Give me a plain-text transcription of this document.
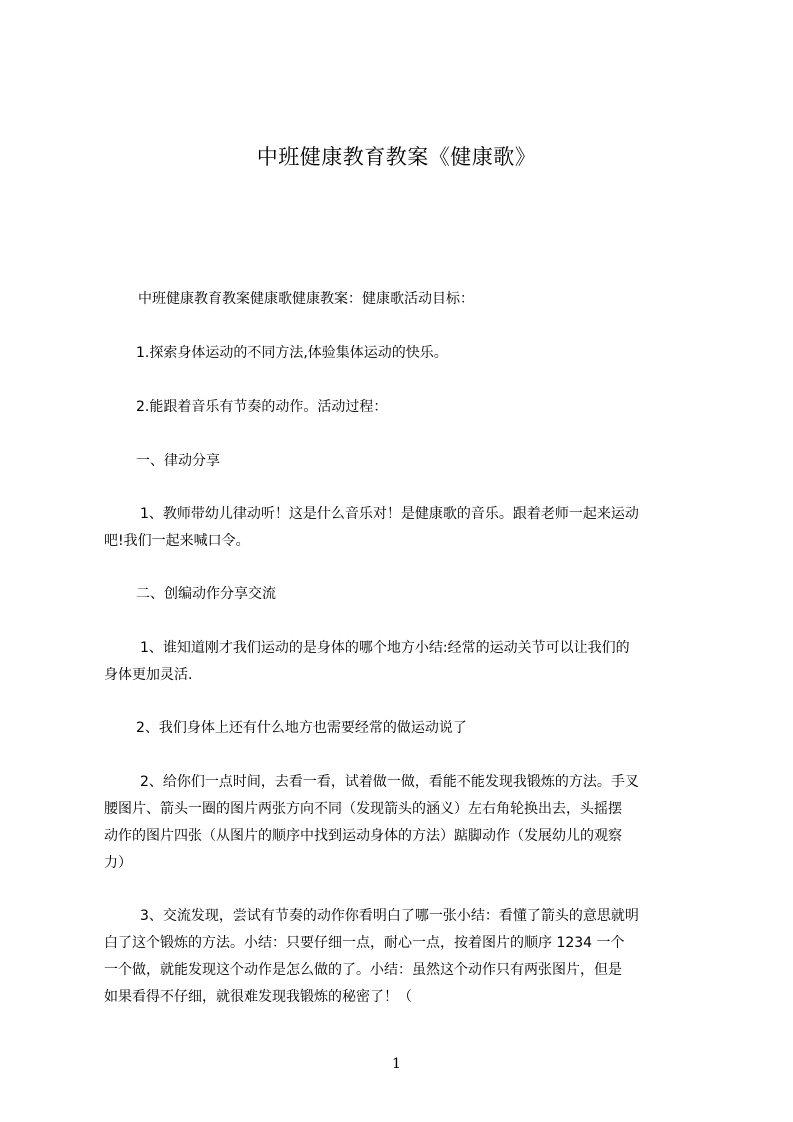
中班健康教育教案《健康歌》

中班健康教育教案健康歌健康教案：健康歌活动目标：

1.探索身体运动的不同方法,体验集体运动的快乐。

2.能跟着音乐有节奏的动作。活动过程：

一、律动分享

1、教师带幼儿律动听！这是什么音乐对！是健康歌的音乐。跟着老师一起来运动

吧!我们一起来喊口令。

二、创编动作分享交流

1、谁知道刚才我们运动的是身体的哪个地方小结:经常的运动关节可以让我们的

身体更加灵活.

2、我们身体上还有什么地方也需要经常的做运动说了

2、给你们一点时间，去看一看，试着做一做，看能不能发现我锻炼的方法。手叉

腰图片、箭头一圈的图片两张方向不同（发现箭头的涵义）左右角轮换出去，头摇摆

动作的图片四张（从图片的顺序中找到运动身体的方法）踮脚动作（发展幼儿的观察

力）

3、交流发现，尝试有节奏的动作你看明白了哪一张小结：看懂了箭头的意思就明

白了这个锻炼的方法。小结：只要仔细一点，耐心一点，按着图片的顺序 1234 一个

一个做，就能发现这个动作是怎么做的了。小结：虽然这个动作只有两张图片，但是

如果看得不仔细，就很难发现我锻炼的秘密了！（

1
